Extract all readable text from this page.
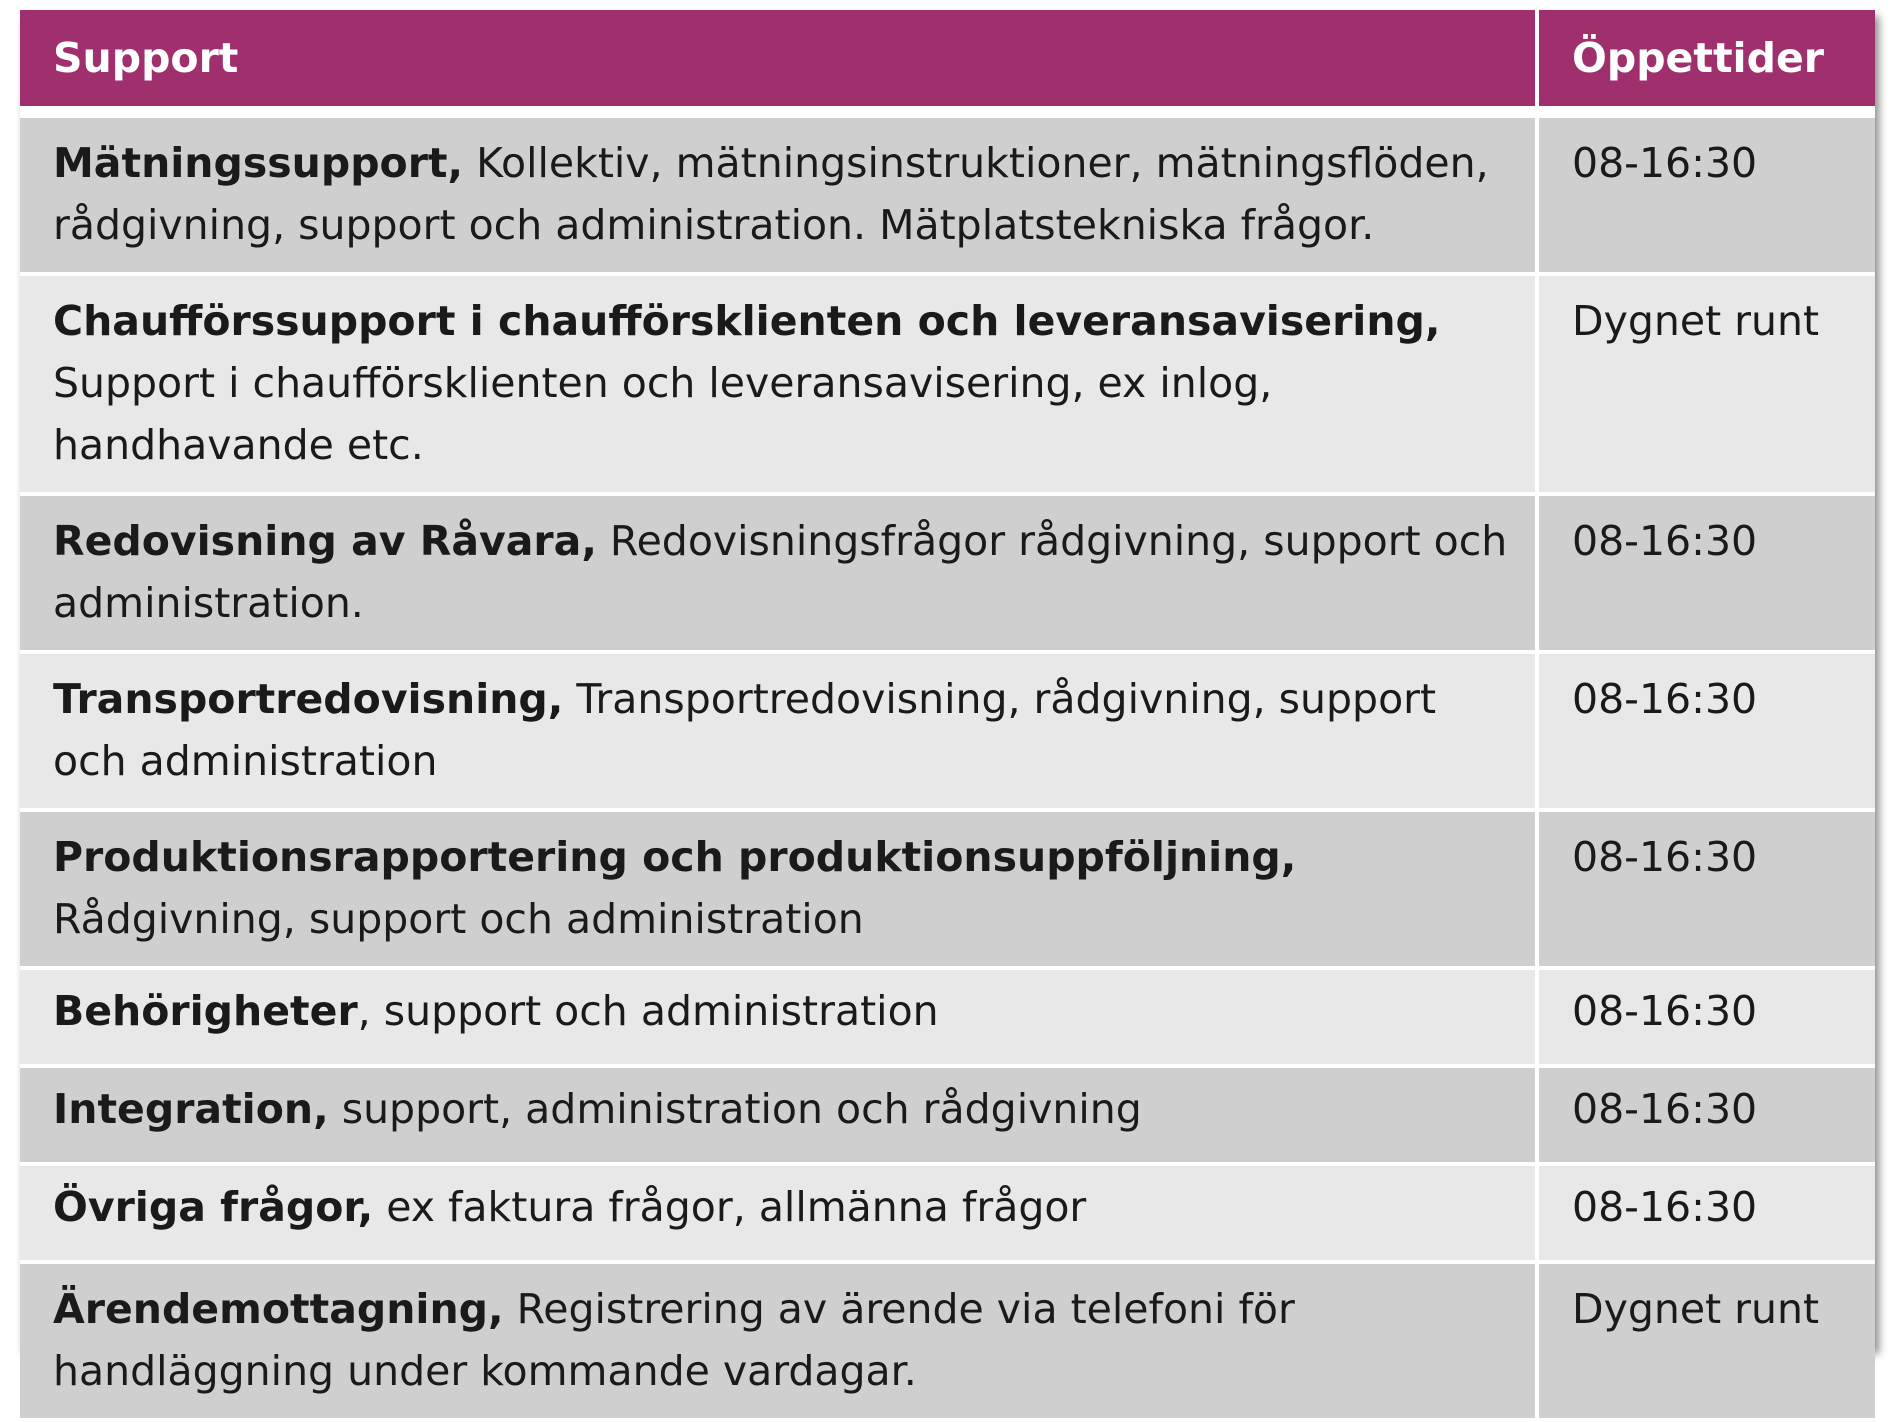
Support	Öppettider
Mätningssupport, Kollektiv, mätningsinstruktioner, mätningsflöden, rådgivning, support och administration. Mätplatstekniska frågor.	08-16:30
Chaufförssupport i chaufförsklienten och leveransavisering, Support i chaufförsklienten och leveransavisering, ex inlog, handhavande etc.	Dygnet runt
Redovisning av Råvara, Redovisningsfrågor rådgivning, support och administration.	08-16:30
Transportredovisning, Transportredovisning, rådgivning, support och administration	08-16:30
Produktionsrapportering och produktionsuppföljning, Rådgivning, support och administration	08-16:30
Behörigheter, support och administration	08-16:30
Integration, support, administration och rådgivning	08-16:30
Övriga frågor, ex faktura frågor, allmänna frågor	08-16:30
Ärendemottagning, Registrering av ärende via telefoni för handläggning under kommande vardagar.	Dygnet runt
